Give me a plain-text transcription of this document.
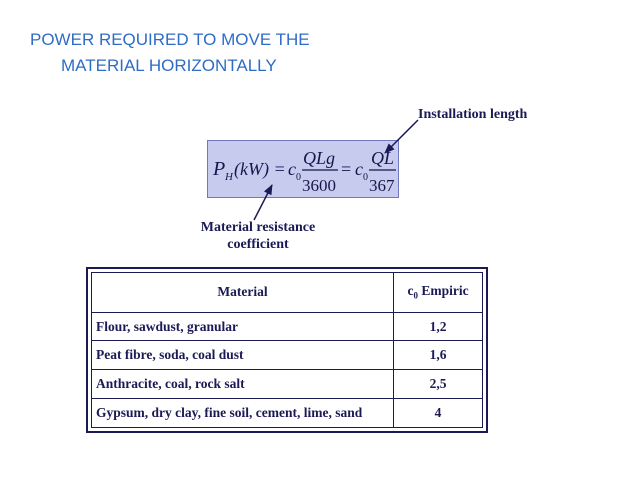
POWER REQUIRED TO MOVE THE
MATERIAL HORIZONTALLY
Installation length
Material resistance
coefficient
P H (kW) = c 0
QLg
3600
= c 0
QL
367
Material	$c_0$ Empiric
Flour, sawdust, granular	1,2
Peat fibre, soda, coal dust	1,6
Anthracite, coal, rock salt	2,5
Gypsum, dry clay, fine soil, cement, lime, sand	4
